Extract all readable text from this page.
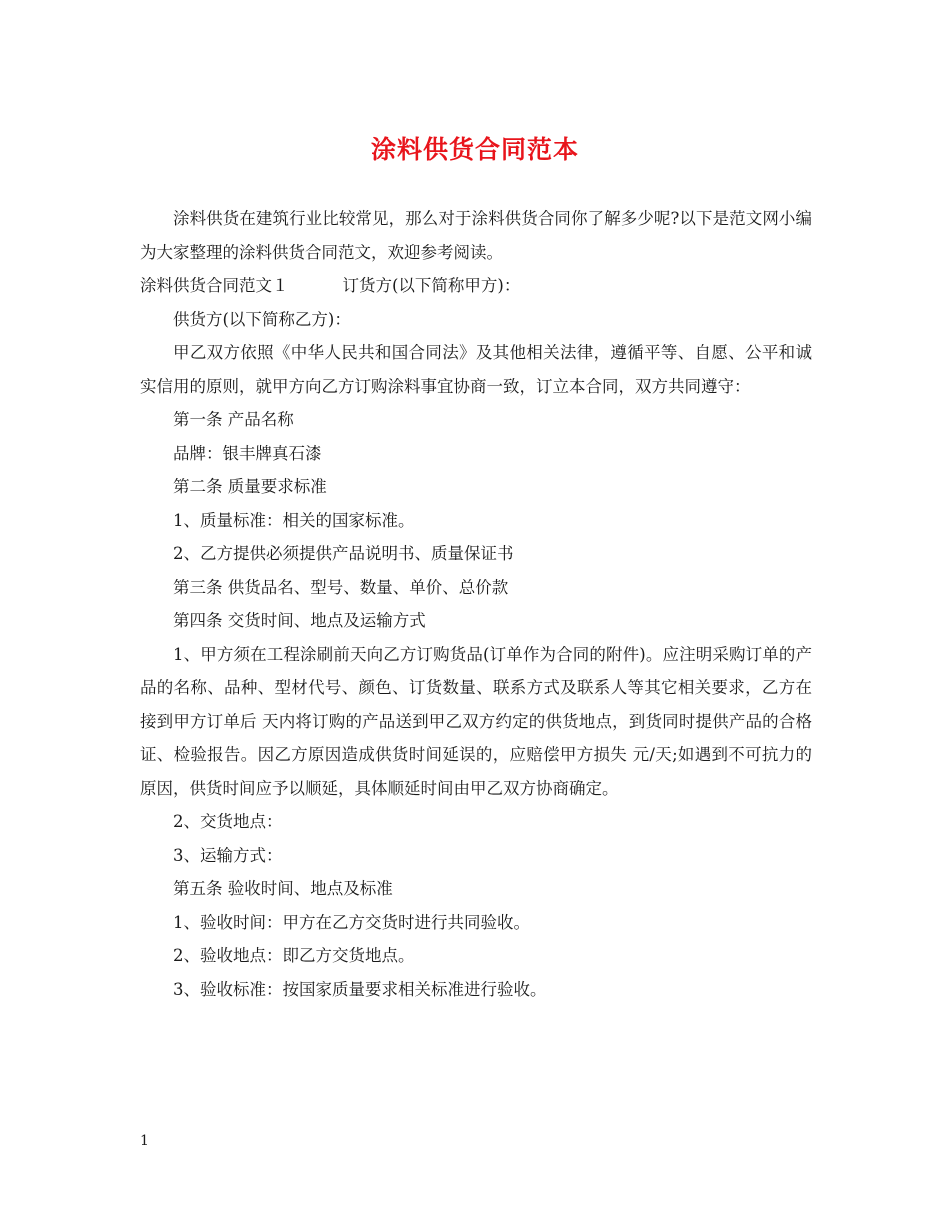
涂料供货合同范本

涂料供货在建筑行业比较常见，那么对于涂料供货合同你了解多少呢?以下是范文网小编为大家整理的涂料供货合同范文，欢迎参考阅读。

涂料供货合同范文１	订货方(以下简称甲方)：

供货方(以下简称乙方)：

甲乙双方依照《中华人民共和国合同法》及其他相关法律，遵循平等、自愿、公平和诚实信用的原则，就甲方向乙方订购涂料事宜协商一致，订立本合同，双方共同遵守：

第一条 产品名称

品牌：银丰牌真石漆

第二条 质量要求标准

1、质量标准：相关的国家标准。

2、乙方提供必须提供产品说明书、质量保证书

第三条 供货品名、型号、数量、单价、总价款

第四条 交货时间、地点及运输方式

1、甲方须在工程涂刷前天向乙方订购货品(订单作为合同的附件)。应注明采购订单的产品的名称、品种、型材代号、颜色、订货数量、联系方式及联系人等其它相关要求，乙方在接到甲方订单后 天内将订购的产品送到甲乙双方约定的供货地点，到货同时提供产品的合格证、检验报告。因乙方原因造成供货时间延误的，应赔偿甲方损失 元/天;如遇到不可抗力的原因，供货时间应予以顺延，具体顺延时间由甲乙双方协商确定。

2、交货地点：

3、运输方式：

第五条 验收时间、地点及标准

1、验收时间：甲方在乙方交货时进行共同验收。

2、验收地点：即乙方交货地点。

3、验收标准：按国家质量要求相关标准进行验收。

1
